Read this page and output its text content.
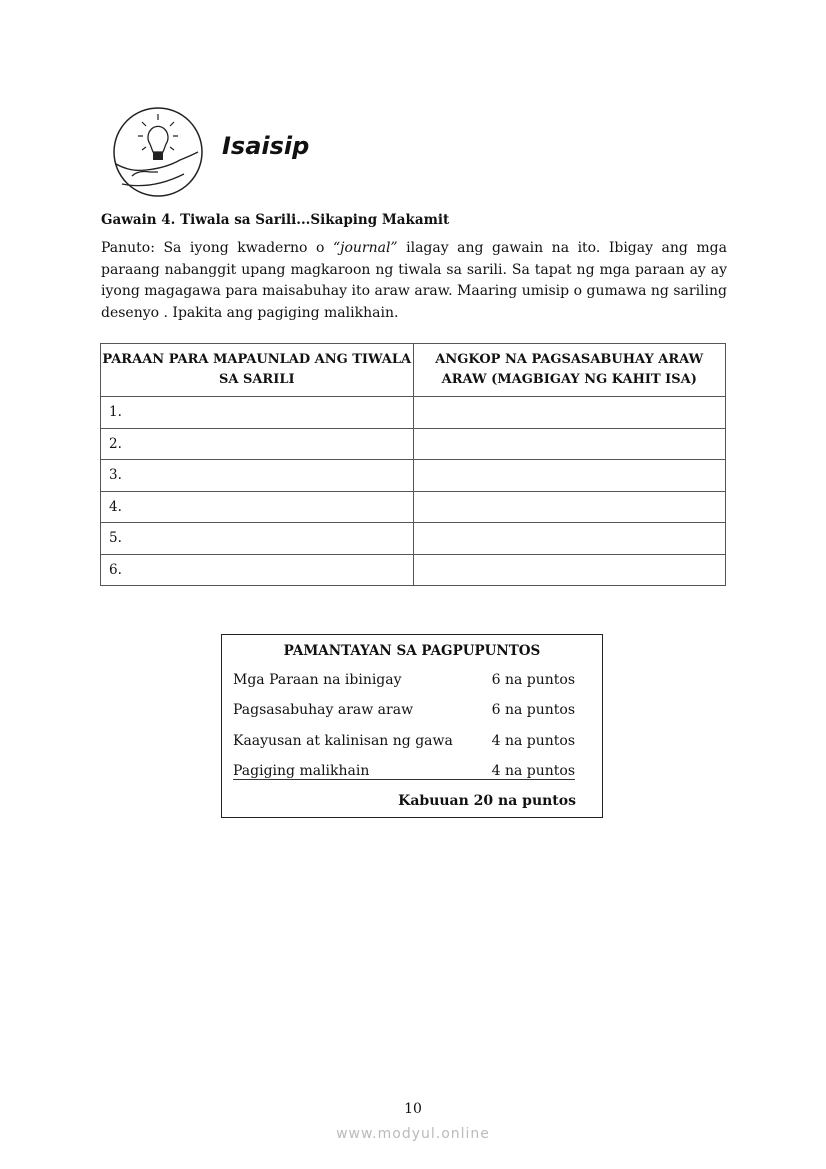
Isaisip
Gawain 4. Tiwala sa Sarili...Sikaping Makamit
Panuto: Sa iyong kwaderno o “journal” ilagay ang gawain na ito. Ibigay ang mga paraang nabanggit upang magkaroon ng tiwala sa sarili. Sa tapat ng mga paraan ay ay iyong magagawa para maisabuhay ito araw araw. Maaring umisip o gumawa ng sariling desenyo . Ipakita ang pagiging malikhain.
PARAAN PARA MAPAUNLAD ANG TIWALA SA SARILI	ANGKOP NA PAGSASABUHAY ARAW ARAW (MAGBIGAY NG KAHIT ISA)
1.	
2.	
3.	
4.	
5.	
6.	
PAMANTAYAN SA PAGPUPUNTOS
Mga Paraan na ibinigay	6 na puntos
Pagsasabuhay araw araw	6 na puntos
Kaayusan at kalinisan ng gawa	4 na puntos
Pagiging malikhain	4 na puntos
Kabuuan 20 na puntos
10
www.modyul.online
